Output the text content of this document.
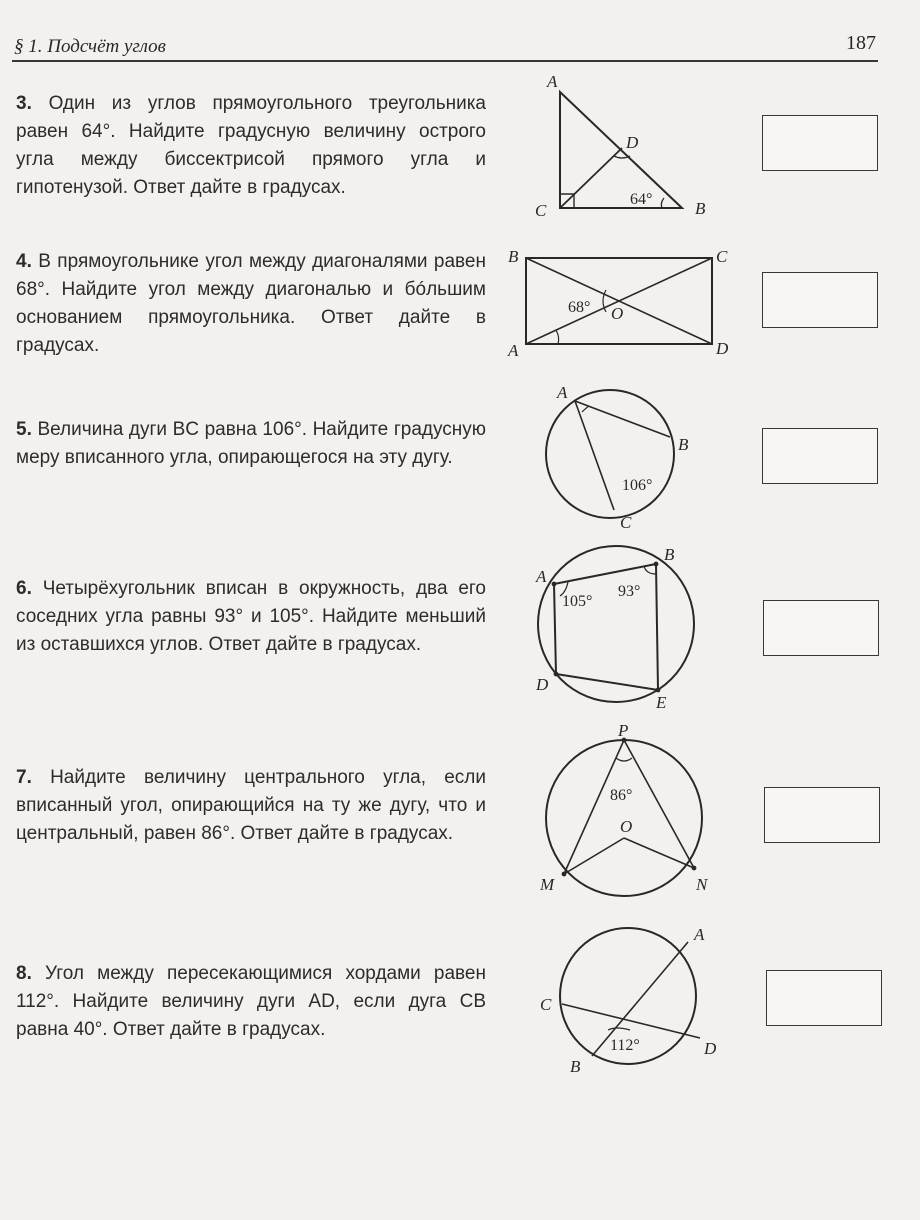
§ 1. Подсчёт углов	187
3. Один из углов прямоугольного треугольника равен 64°. Найдите градусную величину острого угла между биссектрисой прямого угла и гипотенузой. Ответ дайте в градусах.
A
D
C	B
64°
4. В прямоугольнике угол между диагоналями равен 68°. Найдите угол между диагональю и бóльшим основанием прямоугольника. Ответ дайте в градусах.
B	C
A	D
O
68°
5. Величина дуги BC равна 106°. Найдите градусную меру вписанного угла, опирающегося на эту дугу.
A
B
C
106°
6. Четырёхугольник вписан в окружность, два его соседних угла равны 93° и 105°. Найдите меньший из оставшихся углов. Ответ дайте в градусах.
A
B
D
E
105°
93°
7. Найдите величину центрального угла, если вписанный угол, опирающийся на ту же дугу, что и центральный, равен 86°. Ответ дайте в градусах.
P
O
M	N
86°
8. Угол между пересекающимися хордами равен 112°. Найдите величину дуги AD, если дуга CB равна 40°. Ответ дайте в градусах.
A
C
B
D
112°
